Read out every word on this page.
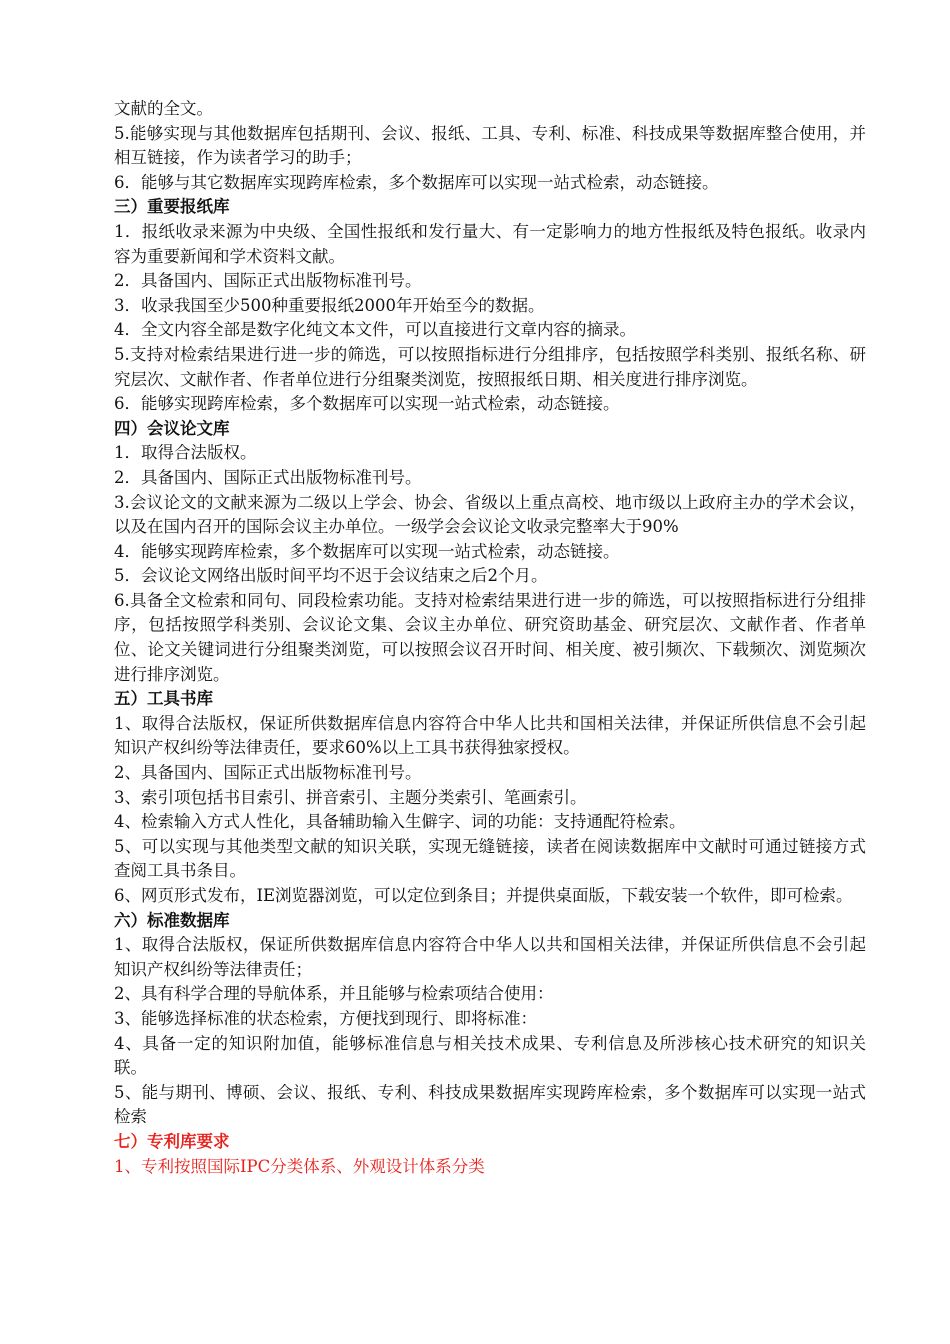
文献的全文。

5.能够实现与其他数据库包括期刊、会议、报纸、工具、专利、标准、科技成果等数据库整合使用，并相互链接，作为读者学习的助手；

6．能够与其它数据库实现跨库检索，多个数据库可以实现一站式检索，动态链接。

三）重要报纸库

1．报纸收录来源为中央级、全国性报纸和发行量大、有一定影响力的地方性报纸及特色报纸。收录内容为重要新闻和学术资料文献。

2．具备国内、国际正式出版物标准刊号。

3．收录我国至少500种重要报纸2000年开始至今的数据。

4．全文内容全部是数字化纯文本文件，可以直接进行文章内容的摘录。

5.支持对检索结果进行进一步的筛选，可以按照指标进行分组排序，包括按照学科类别、报纸名称、研究层次、文献作者、作者单位进行分组聚类浏览，按照报纸日期、相关度进行排序浏览。

6．能够实现跨库检索，多个数据库可以实现一站式检索，动态链接。

四）会议论文库

1．取得合法版权。

2．具备国内、国际正式出版物标准刊号。

3.会议论文的文献来源为二级以上学会、协会、省级以上重点高校、地市级以上政府主办的学术会议，以及在国内召开的国际会议主办单位。一级学会会议论文收录完整率大于90%

4．能够实现跨库检索，多个数据库可以实现一站式检索，动态链接。

5．会议论文网络出版时间平均不迟于会议结束之后2个月。

6.具备全文检索和同句、同段检索功能。支持对检索结果进行进一步的筛选，可以按照指标进行分组排序，包括按照学科类别、会议论文集、会议主办单位、研究资助基金、研究层次、文献作者、作者单位、论文关键词进行分组聚类浏览，可以按照会议召开时间、相关度、被引频次、下载频次、浏览频次进行排序浏览。

五）工具书库

1、取得合法版权，保证所供数据库信息内容符合中华人比共和国相关法律，并保证所供信息不会引起知识产权纠纷等法律责任，要求60%以上工具书获得独家授权。

2、具备国内、国际正式出版物标准刊号。

3、索引项包括书目索引、拼音索引、主题分类索引、笔画索引。

4、检索输入方式人性化，具备辅助输入生僻字、词的功能：支持通配符检索。

5、可以实现与其他类型文献的知识关联，实现无缝链接，读者在阅读数据库中文献时可通过链接方式查阅工具书条目。

6、网页形式发布，IE浏览器浏览，可以定位到条目；并提供桌面版，下载安装一个软件，即可检索。

六）标准数据库

1、取得合法版权，保证所供数据库信息内容符合中华人以共和国相关法律，并保证所供信息不会引起知识产权纠纷等法律责任；

2、具有科学合理的导航体系，并且能够与检索项结合使用：

3、能够选择标准的状态检索，方便找到现行、即将标准：

4、具备一定的知识附加值，能够标准信息与相关技术成果、专利信息及所涉核心技术研究的知识关联。

5、能与期刊、博硕、会议、报纸、专利、科技成果数据库实现跨库检索，多个数据库可以实现一站式检索

七）专利库要求

1、专利按照国际IPC分类体系、外观设计体系分类
